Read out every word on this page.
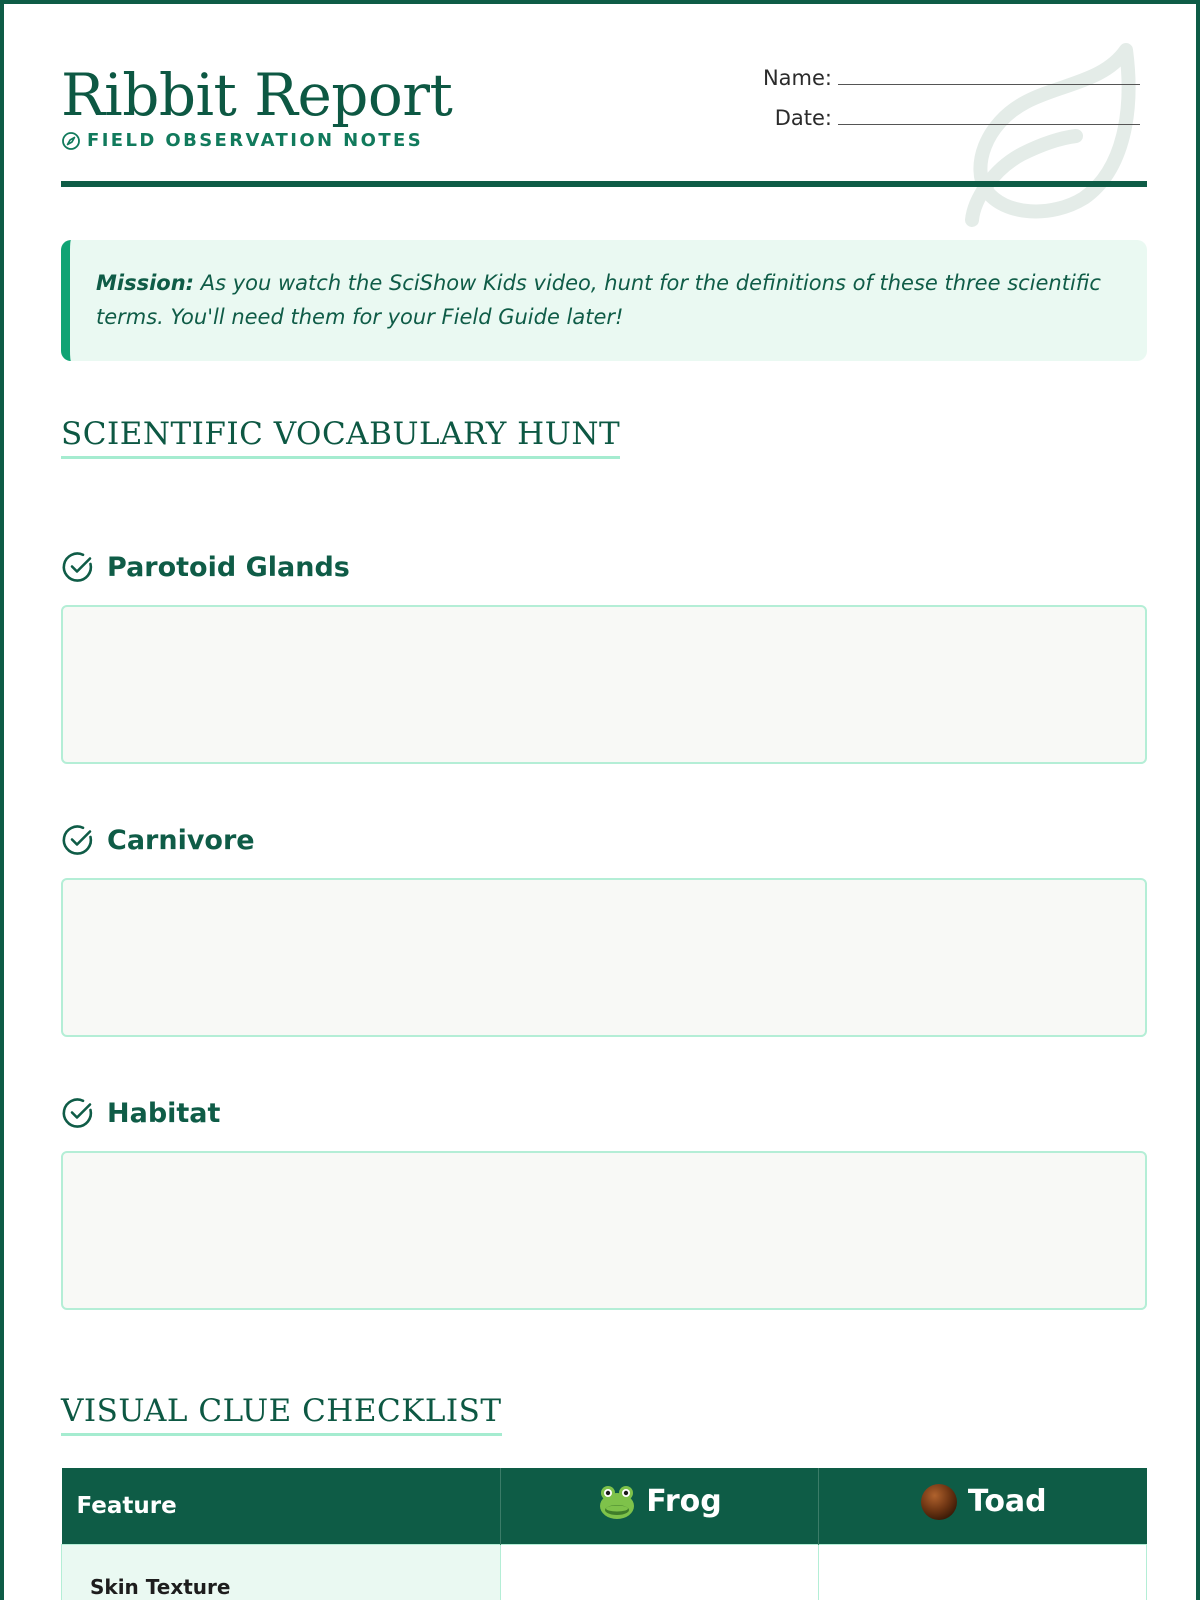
Ribbit Report
FIELD OBSERVATION NOTES
Name:
Date:
Mission: As you watch the SciShow Kids video, hunt for the definitions of these three scientific terms. You'll need them for your Field Guide later!
SCIENTIFIC VOCABULARY HUNT
Parotoid Glands
Carnivore
Habitat
VISUAL CLUE CHECKLIST
Feature	Frog	Toad

Skin Texture		
